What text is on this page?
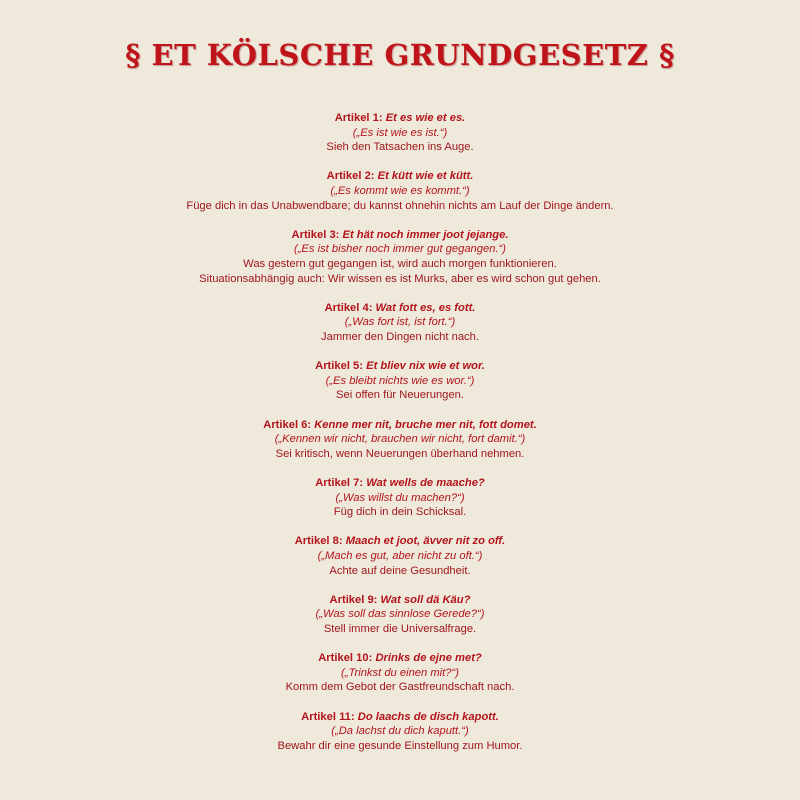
§ ET KÖLSCHE GRUNDGESETZ §
Artikel 1: Et es wie et es.
(„Es ist wie es ist.“)
Sieh den Tatsachen ins Auge.
Artikel 2: Et kütt wie et kütt.
(„Es kommt wie es kommt.“)
Füge dich in das Unabwendbare; du kannst ohnehin nichts am Lauf der Dinge ändern.
Artikel 3: Et hät noch immer joot jejange.
(„Es ist bisher noch immer gut gegangen.“)
Was gestern gut gegangen ist, wird auch morgen funktionieren.
Situationsabhängig auch: Wir wissen es ist Murks, aber es wird schon gut gehen.
Artikel 4: Wat fott es, es fott.
(„Was fort ist, ist fort.“)
Jammer den Dingen nicht nach.
Artikel 5: Et bliev nix wie et wor.
(„Es bleibt nichts wie es wor.“)
Sei offen für Neuerungen.
Artikel 6: Kenne mer nit, bruche mer nit, fott domet.
(„Kennen wir nicht, brauchen wir nicht, fort damit.“)
Sei kritisch, wenn Neuerungen überhand nehmen.
Artikel 7: Wat wells de maache?
(„Was willst du machen?“)
Füg dich in dein Schicksal.
Artikel 8: Maach et joot, ävver nit zo off.
(„Mach es gut, aber nicht zu oft.“)
Achte auf deine Gesundheit.
Artikel 9: Wat soll dä Käu?
(„Was soll das sinnlose Gerede?“)
Stell immer die Universalfrage.
Artikel 10: Drinks de ejne met?
(„Trinkst du einen mit?“)
Komm dem Gebot der Gastfreundschaft nach.
Artikel 11: Do laachs de disch kapott.
(„Da lachst du dich kaputt.“)
Bewahr dir eine gesunde Einstellung zum Humor.
